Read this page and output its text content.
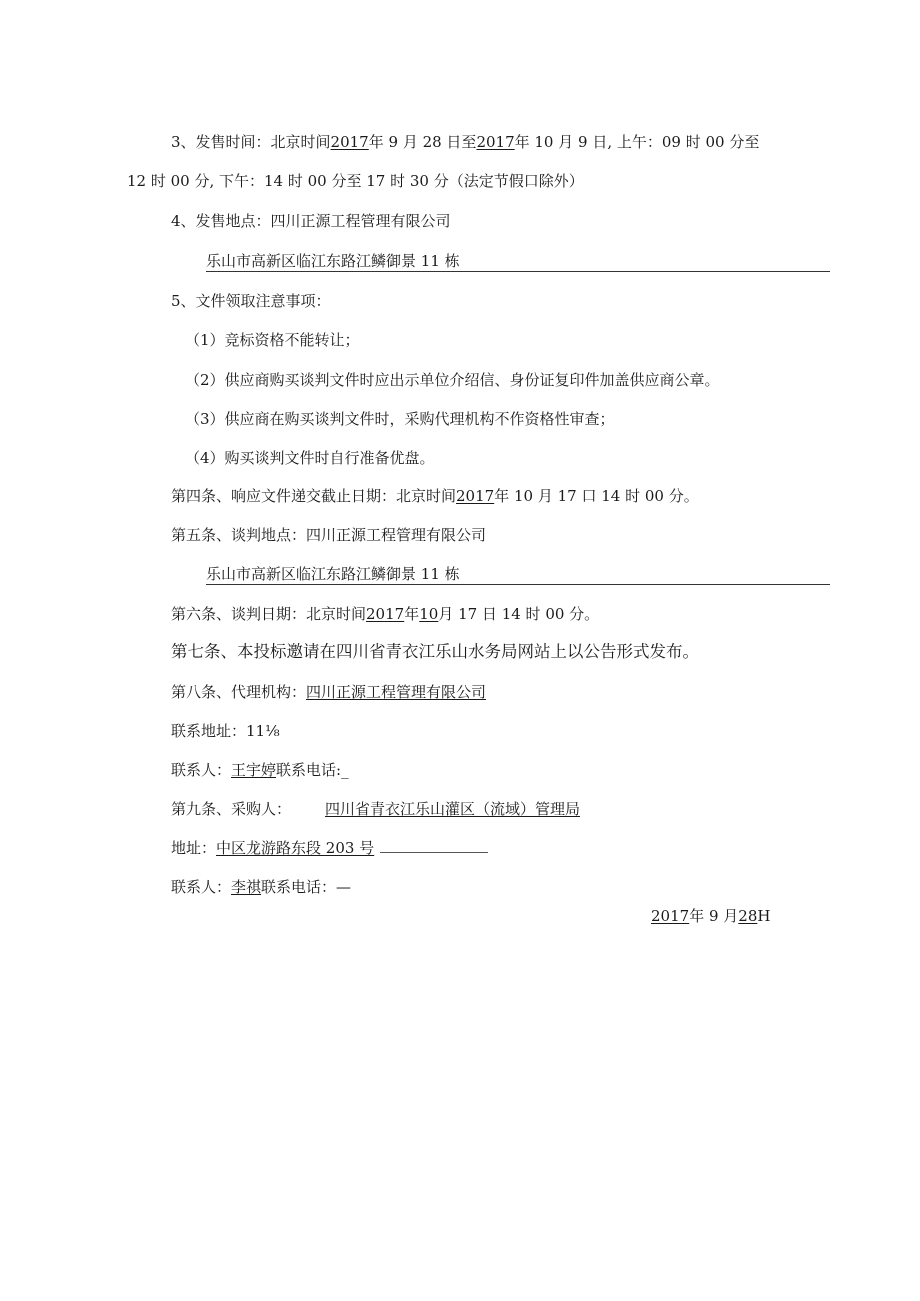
3、发售时间：北京时间2017年 9 月 28 日至2017年 10 月 9 日, 上午：09 时 00 分至
12 时 00 分, 下午：14 时 00 分至 17 时 30 分（法定节假口除外）
4、发售地点：四川正源工程管理有限公司
乐山市高新区临江东路江鳞御景 11 栋
5、文件领取注意事项：
（1）竞标资格不能转让；
（2）供应商购买谈判文件时应出示单位介绍信、身份证复印件加盖供应商公章。
（3）供应商在购买谈判文件时，采购代理机构不作资格性审查；
（4）购买谈判文件时自行准备优盘。
第四条、响应文件递交截止日期：北京时间2017年 10 月 17 口 14 时 00 分。
第五条、谈判地点：四川正源工程管理有限公司
乐山市高新区临江东路江鳞御景 11 栋
第六条、谈判日期：北京时间2017年10月 17 日 14 时 00 分。
第七条、本投标邀请在四川省青衣江乐山水务局网站上以公告形式发布。
第八条、代理机构：四川正源工程管理有限公司
联系地址：11⅛
联系人：王宇婷联系电话:_
第九条、采购人： 四川省青衣江乐山灌区（流域）管理局
地址：中区龙游路东段 203 号
联系人：李祺联系电话：—
2017年 9 月28H
